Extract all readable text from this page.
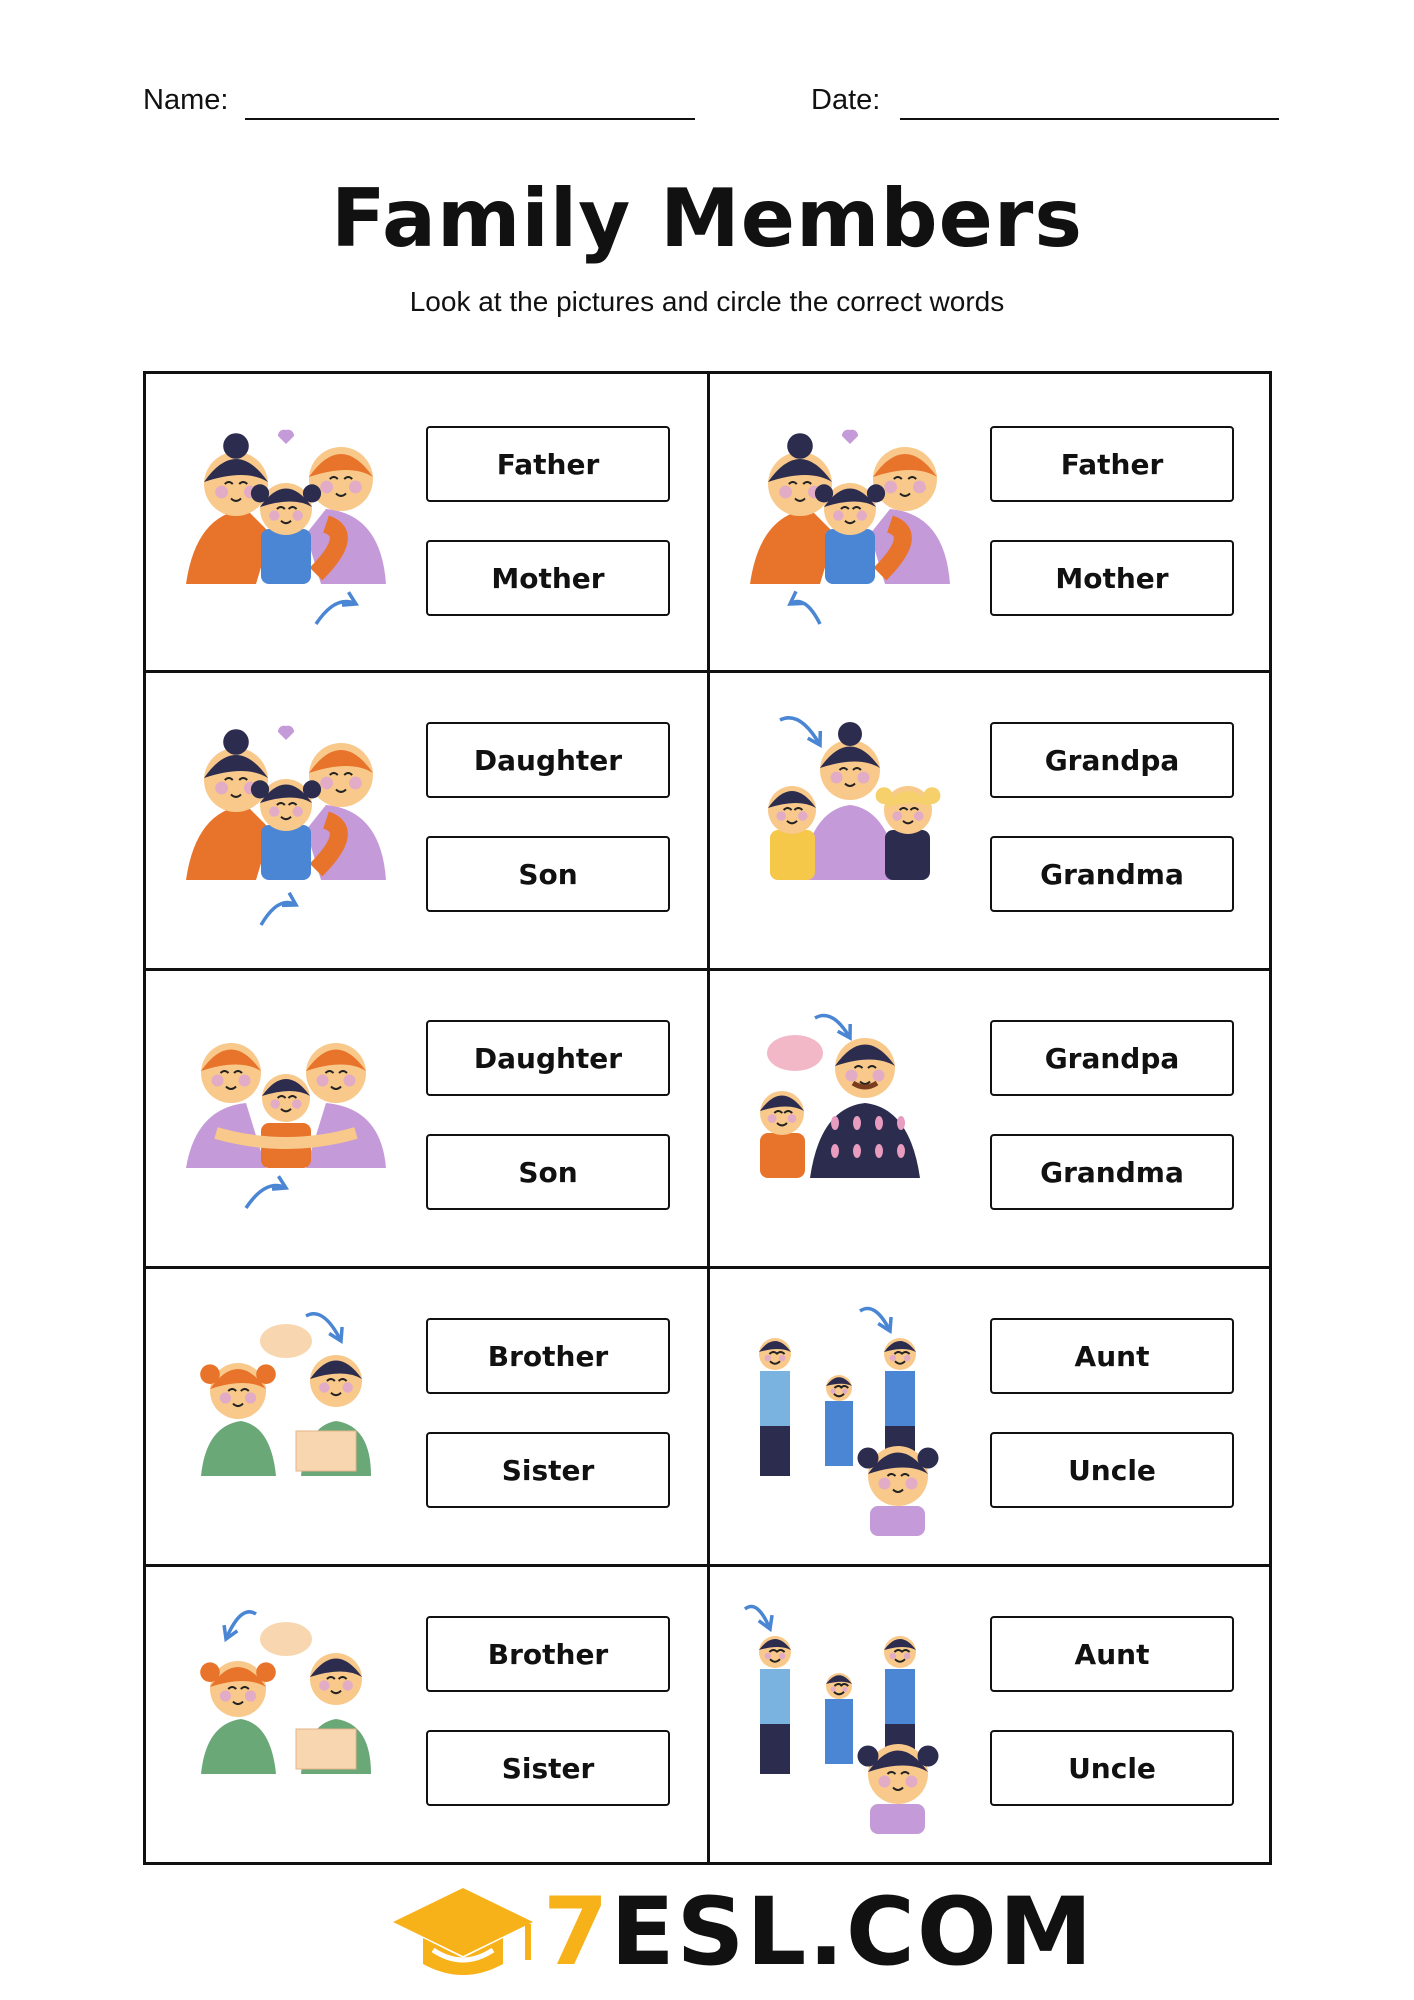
Name:	Date:
Family Members
Look at the pictures and circle the correct words
Father
Mother
Father
Mother
Daughter
Son
Grandpa
Grandma
Daughter
Son
Grandpa
Grandma
Brother
Sister
Aunt
Uncle
Brother
Sister
Aunt
Uncle
7ESL.COM
